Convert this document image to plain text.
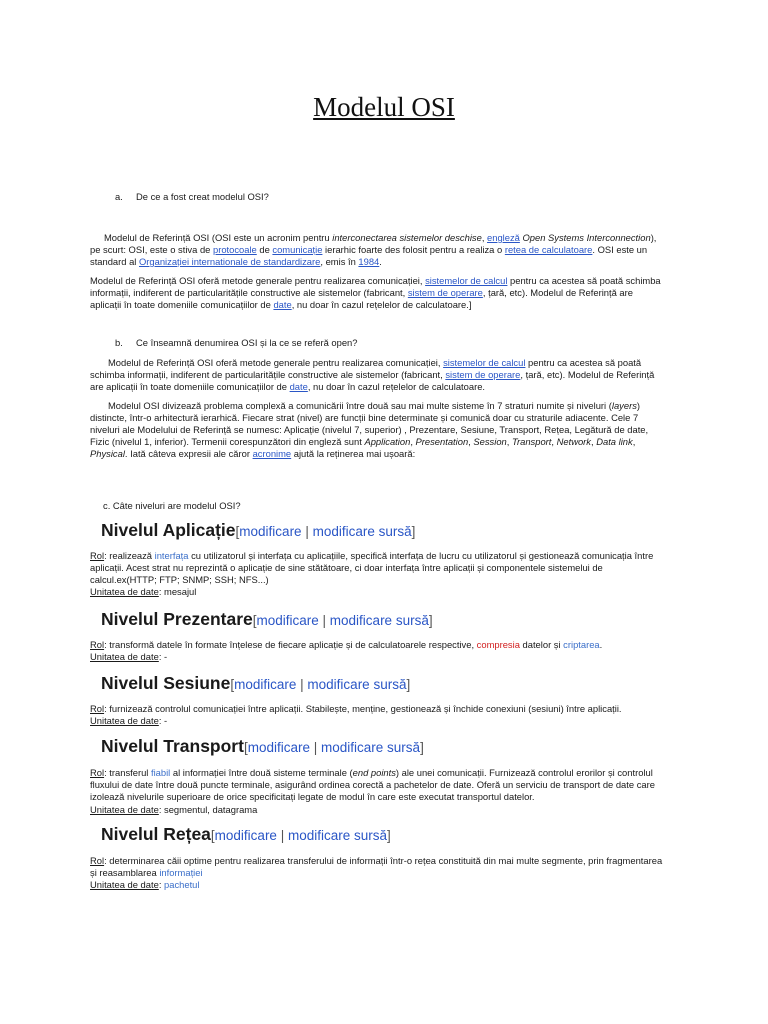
Modelul OSI
a. De ce a fost creat modelul OSI?
Modelul de Referință OSI (OSI este un acronim pentru interconectarea sistemelor deschise, engleză Open Systems Interconnection), pe scurt: OSI, este o stiva de protocoale de comunicație ierarhic foarte des folosit pentru a realiza o retea de calculatoare. OSI este un standard al Organizației internationale de standardizare, emis în 1984.
Modelul de Referință OSI oferă metode generale pentru realizarea comunicației, sistemelor de calcul pentru ca acestea să poată schimba informații, indiferent de particularitățile constructive ale sistemelor (fabricant, sistem de operare, țară, etc). Modelul de Referință are aplicații în toate domeniile comunicațiilor de date, nu doar în cazul rețelelor de calculatoare.]
b. Ce înseamnă denumirea OSI și la ce se referă open?
Modelul de Referință OSI oferă metode generale pentru realizarea comunicației, sistemelor de calcul pentru ca acestea să poată schimba informații, indiferent de particularitățile constructive ale sistemelor (fabricant, sistem de operare, țară, etc). Modelul de Referință are aplicații în toate domeniile comunicațiilor de date, nu doar în cazul rețelelor de calculatoare.
Modelul OSI divizează problema complexă a comunicării între două sau mai multe sisteme în 7 straturi numite și niveluri (layers) distincte, într-o arhitectură ierarhică. Fiecare strat (nivel) are funcții bine determinate și comunică doar cu straturile adiacente. Cele 7 niveluri ale Modelului de Referință se numesc: Aplicație (nivelul 7, superior) , Prezentare, Sesiune, Transport, Rețea, Legătură de date, Fizic (nivelul 1, inferior). Termenii corespunzători din engleză sunt Application, Presentation, Session, Transport, Network, Data link, Physical. Iată câteva expresii ale căror acronime ajută la reținerea mai ușoară:
c. Câte niveluri are modelul OSI?
Nivelul Aplicație[modificare | modificare sursă]
Rol: realizează interfața cu utilizatorul și interfața cu aplicațiile, specifică interfața de lucru cu utilizatorul și gestionează comunicația între aplicații. Acest strat nu reprezintă o aplicație de sine stătătoare, ci doar interfața între aplicații și componentele sistemelui de calcul.ex(HTTP; FTP; SNMP; SSH; NFS...)
Unitatea de date: mesajul
Nivelul Prezentare[modificare | modificare sursă]
Rol: transformă datele în formate înțelese de fiecare aplicație și de calculatoarele respective, compresia datelor și criptarea.
Unitatea de date: -
Nivelul Sesiune[modificare | modificare sursă]
Rol: furnizează controlul comunicației între aplicații. Stabilește, menține, gestionează și închide conexiuni (sesiuni) între aplicații.
Unitatea de date: -
Nivelul Transport[modificare | modificare sursă]
Rol: transferul fiabil al informației între două sisteme terminale (end points) ale unei comunicații. Furnizează controlul erorilor și controlul fluxului de date între două puncte terminale, asigurând ordinea corectă a pachetelor de date. Oferă un serviciu de transport de date care izolează nivelurile superioare de orice specificitați legate de modul în care este executat transportul datelor.
Unitatea de date: segmentul, datagrama
Nivelul Rețea[modificare | modificare sursă]
Rol: determinarea căii optime pentru realizarea transferului de informații într-o rețea constituită din mai multe segmente, prin fragmentarea și reasamblarea informației
Unitatea de date: pachetul
